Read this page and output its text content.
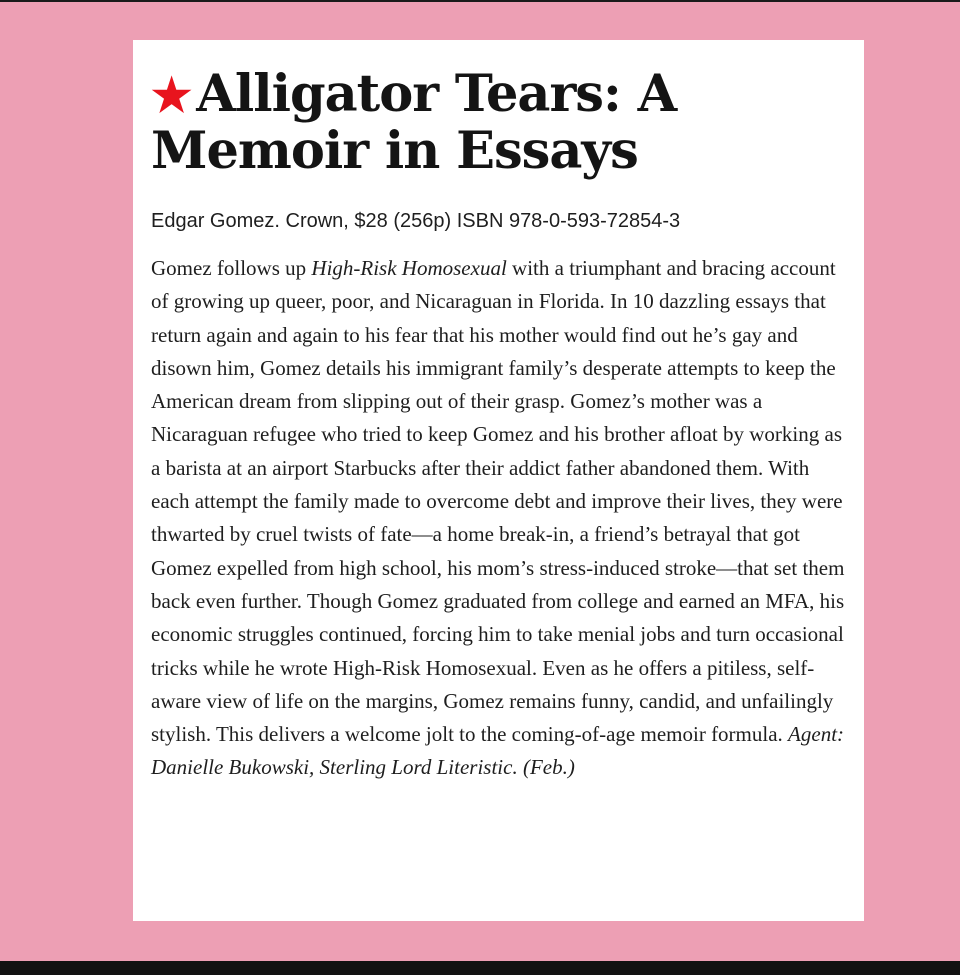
★Alligator Tears: A Memoir in Essays

Edgar Gomez. Crown, $28 (256p) ISBN 978-0-593-72854-3

Gomez follows up High-Risk Homosexual with a triumphant and bracing account of growing up queer, poor, and Nicaraguan in Florida. In 10 dazzling essays that return again and again to his fear that his mother would find out he’s gay and disown him, Gomez details his immigrant family’s desperate attempts to keep the American dream from slipping out of their grasp. Gomez’s mother was a Nicaraguan refugee who tried to keep Gomez and his brother afloat by working as a barista at an airport Starbucks after their addict father abandoned them. With each attempt the family made to overcome debt and improve their lives, they were thwarted by cruel twists of fate—a home break-in, a friend’s betrayal that got Gomez expelled from high school, his mom’s stress-induced stroke—that set them back even further. Though Gomez graduated from college and earned an MFA, his economic struggles continued, forcing him to take menial jobs and turn occasional tricks while he wrote High-Risk Homosexual. Even as he offers a pitiless, self-aware view of life on the margins, Gomez remains funny, candid, and unfailingly stylish. This delivers a welcome jolt to the coming-of-age memoir formula. Agent: Danielle Bukowski, Sterling Lord Literistic. (Feb.)
